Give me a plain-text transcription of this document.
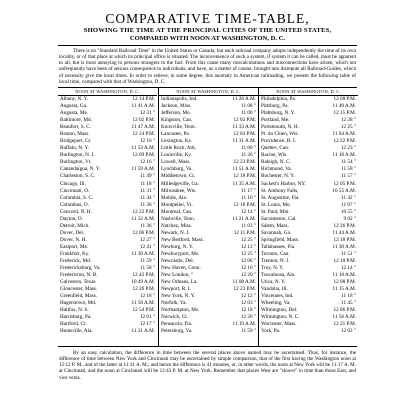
COMPARATIVE TIME-TABLE,
SHOWING THE TIME AT THE PRINCIPAL CITIES OF THE UNITED STATES,
COMPARED WITH NOON AT WASHINGTON, D. C.
There is no "Standard Railroad Time" in the United States or Canada; but each railroad company adopts independently the time of its own locality, or of that place at which its principal office is situated. The inconvenience of such a system, if system it can be called, must be apparent to all, but is most annoying to persons strangers to the fact. From this cause many miscalculations and misconnections have arisen, which not unfrequently have been of serious consequence to individuals, and have, as a matter of course, brought into disrepute all Railroad-Guides, which of necessity give the local times. In order to relieve, in some degree, this anomaly in American railroading, we present the following table of local time, compared with that of Washington, D. C.
NOON AT WASHINGTON, D. C.
Albany, N. Y.	12 14 P.M.
Augusta, Ga.	11 41 A.M.
Augusta, Me.	12 31 "
Baltimore, Md.	12 02 P.M.
Beaufort, S. C.	11 47 A.M.
Boston, Mass.	12 24 P.M.
Bridgeport, Ct.	12 16 "
Buffalo, N. Y.	11 53 A.M.
Burlington, N. J.	12 09 P.M.
Burlington, Vt.	12 16 "
Canandaigua, N. Y.	11 59 A.M.
Charleston, S. C.	11 49 "
Chicago, Ill.	11 18 "
Cincinnati, O.	11 31 "
Columbia, S. C.	11 44 "
Columbus, O.	11 36 "
Concord, N. H.	12 22 P.M.
Dayton, O.	11 32 A.M.
Detroit, Mich.	11 36 "
Dover, Del.	12 06 P.M.
Dover, N. H.	12 27 "
Eastport, Me.	12 41 "
Frankfort, Ky.	11 30 A.M.
Frederick, Md.	11 59 "
Fredericksburg, Va.	11 58 "
Fredericton, N. B.	12 42 P.M.
Galveston, Texas	10 49 A.M.
Gloucester, Mass.	12 26 P.M.
Greenfield, Mass.	12 18 "
Hagerstown, Md.	11 58 A.M.
Halifax, N. S.	12 54 P.M.
Harrisburg, Pa.	12 01 "
Hartford, Ct.	12 17 "
Huntsville, Ala.	11 21 A.M.
NOON AT WASHINGTON, D. C.
Indianapolis, Ind.	11 26 A.M.
Jackson, Miss.	11 08 "
Jefferson, Mo.	11 00 "
Kingston, Can.	12 02 P.M.
Knoxville, Tenn.	11 33 A.M.
Lancaster, Pa.	12 03 P.M.
Lexington, Ky.	11 31 A.M.
Little Rock, Ark.	11 00 "
Louisville, Ky.	11 26 "
Lowell, Mass.	12 23 P.M.
Lynchburg, Va.	11 51 A.M.
Middletown, Ct.	12 18 P.M.
Milledgeville, Ga.	11 35 A.M.
Milwaukee, Wis.	11 17 "
Mobile, Ala.	11 16 "
Montpelier, Vt.	12 18 P.M.
Montreal, Can.	12 14 "
Nashville, Tenn.	11 21 A.M.
Natchez, Miss.	11 03 "
Newark, N. J.	12 11 P.M.
New Bedford, Mass.	12 25 "
Newburg, N. Y.	12 12 "
Newburyport, Ms.	12 25 "
Newcastle, Del.	12 06 "
New Haven, Conn.	12 16 "
New London, "	12 20 "
New Orleans, La.	11 08 A.M.
Newport, R. I.	12 23 P.M.
New York, N. Y.	12 12 "
Norfolk, Va.	12 03 "
Northampton, Ms.	12 18 "
Norwich, Ct.	12 20 "
Pensacola, Fla.	11 19 A.M.
Petersburg, Va.	11 59 "
NOON AT WASHINGTON, D. C.
Philadelphia, Pa.	12 08 P.M.
Pittsburg, Pa.	11 48 A.M.
Plattsburg, N. Y.	12 15 P.M.
Portland, Me.	12 28 "
Portsmouth, N. H.	12 25 "
Pt. du Chien, Wis.	11 04 A.M.
Providence, R. I.	12 22 P.M.
Quebec, Can.	12 23 "
Racine, Wis.	11 18 A.M.
Raleigh, N. C.	11 54 "
Richmond, Va.	11 58 "
Rochester, N. Y.	11 57 "
Sackett's Harbor, NY.	12 05 P.M.
St. Anthony Falls,	10 55 A.M.
St. Augustine, Fla.	11 42 "
St. Louis, Mo.	11 07 "
St. Paul, Min.	10 55 "
Sacramento, Cal.	9 02 "
Salem, Mass.	12 26 P.M.
Savannah, Ga.	11 44 A.M.
Springfield, Mass.	12 18 P.M.
Tallahassee, Fla.	11 30 A.M.
Toronto, Can.	11 51 "
Trenton, N. J.	12 10 P.M.
Troy, N. Y.	12 14 "
Tuscaloosa, Ala.	11 18 A.M.
Utica, N. Y.	12 08 P.M.
Vandalia, Ill.	11 15 A.M.
Vincennes, Ind.	11 18 "
Wheeling, Va.	11 45 "
Wilmington, Del.	12 06 P.M.
Wilmington, N. C.	11 56 A.M.
Worcester, Mass.	12 21 P.M.
York, Pa.	12 02 "
By an easy calculation, the difference in time between the several places above named may be ascertained. Thus, for instance, the difference of time between New York and Cincinnati may be ascertained by simple comparison, that of the first having the Washington noon at 12:12 P. M., and of the latter at 11:31 A. M.; and hence the difference is 41 minutes, or, in other words, the noon at New York will be 11:17 A. M. at Cincinnati, and the noon at Cincinnati will be 12:43 P. M. at New York. Remember that places West are "slower" in time than those East, and vice versa.
